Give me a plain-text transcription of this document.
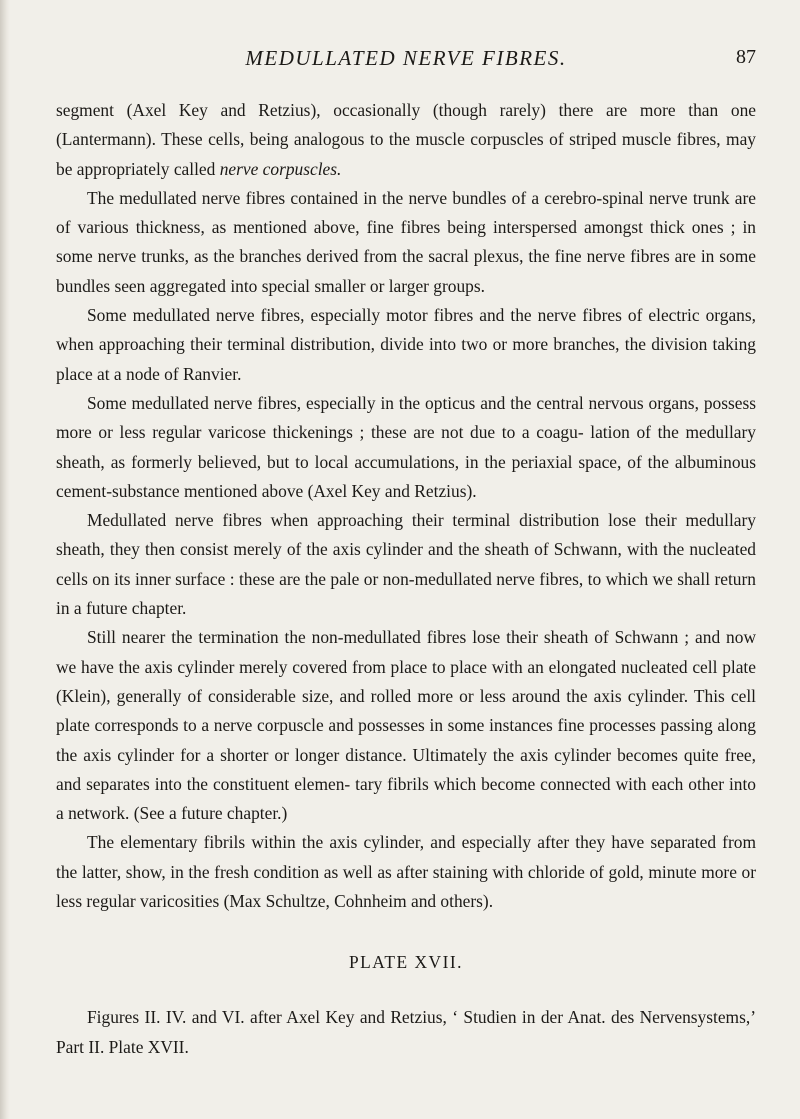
MEDULLATED NERVE FIBRES.	87

segment (Axel Key and Retzius), occasionally (though rarely) there are more than one (Lantermann). These cells, being analogous to the muscle corpuscles of striped muscle fibres, may be appropriately called nerve corpuscles.

The medullated nerve fibres contained in the nerve bundles of a cerebro-spinal nerve trunk are of various thickness, as mentioned above, fine fibres being interspersed amongst thick ones ; in some nerve trunks, as the branches derived from the sacral plexus, the fine nerve fibres are in some bundles seen aggregated into special smaller or larger groups.

Some medullated nerve fibres, especially motor fibres and the nerve fibres of electric organs, when approaching their terminal distribution, divide into two or more branches, the division taking place at a node of Ranvier.

Some medullated nerve fibres, especially in the opticus and the central nervous organs, possess more or less regular varicose thickenings ; these are not due to a coagu- lation of the medullary sheath, as formerly believed, but to local accumulations, in the periaxial space, of the albuminous cement-substance mentioned above (Axel Key and Retzius).

Medullated nerve fibres when approaching their terminal distribution lose their medullary sheath, they then consist merely of the axis cylinder and the sheath of Schwann, with the nucleated cells on its inner surface : these are the pale or non-medullated nerve fibres, to which we shall return in a future chapter.

Still nearer the termination the non-medullated fibres lose their sheath of Schwann ; and now we have the axis cylinder merely covered from place to place with an elongated nucleated cell plate (Klein), generally of considerable size, and rolled more or less around the axis cylinder. This cell plate corresponds to a nerve corpuscle and possesses in some instances fine processes passing along the axis cylinder for a shorter or longer distance. Ultimately the axis cylinder becomes quite free, and separates into the constituent elemen- tary fibrils which become connected with each other into a network. (See a future chapter.)

The elementary fibrils within the axis cylinder, and especially after they have separated from the latter, show, in the fresh condition as well as after staining with chloride of gold, minute more or less regular varicosities (Max Schultze, Cohnheim and others).

PLATE XVII.

Figures II. IV. and VI. after Axel Key and Retzius, ‘ Studien in der Anat. des Nervensystems,’ Part II. Plate XVII.
